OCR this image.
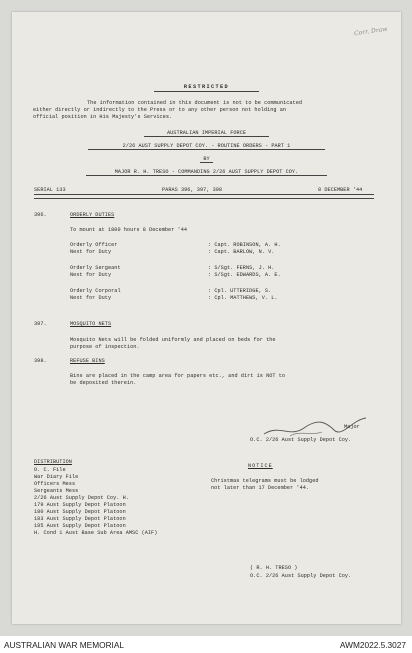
Corr. Draw
RESTRICTED
The information contained in this document is not to be communicated
either directly or indirectly to the Press or to any other person not holding an
official position in His Majesty's Services.
AUSTRALIAN IMPERIAL FORCE
2/26 AUST SUPPLY DEPOT COY. - ROUTINE ORDERS - PART 1
BY
MAJOR R. H. TRESO - COMMANDING 2/26 AUST SUPPLY DEPOT COY.
SERIAL 133	PARAS 396, 397, 398	8 DECEMBER '44
396.	ORDERLY DUTIES
To mount at 1800 hours 8 December '44
Orderly Officer	: Capt. ROBINSON, A. H.
Next for Duty	: Capt. BARLOW, N. V.
Orderly Sergeant	: S/Sgt. FERNS, J. H.
Next for Duty	: S/Sgt. EDWARDS, A. E.
Orderly Corporal	: Cpl. UTTERIDGE, S.
Next for Duty	: Cpl. MATTHEWS, V. L.
397.	MOSQUITO NETS
Mosquito Nets will be folded uniformly and placed on beds for the
purpose of inspection.
398.	REFUSE BINS
Bins are placed in the camp area for papers etc., and dirt is NOT to
be deposited therein.
Major
O.C. 2/26 Aust Supply Depot Coy.
( R. H. TRESO )
O.C. 2/26 Aust Supply Depot Coy.
DISTRIBUTION
O. C. File
War Diary File
Officers Mess
Sergeants Mess
2/26 Aust Supply Depot Coy. H.
179 Aust Supply Depot Platoon
180 Aust Supply Depot Platoon
183 Aust Supply Depot Platoon
185 Aust Supply Depot Platoon
H. Cond 1 Aust Base Sub Area AMSC (AIF)
NOTICE
Christmas telegrams must be lodged
not later than 17 December '44.
AUSTRALIAN WAR MEMORIAL	AWM2022.5.3027
